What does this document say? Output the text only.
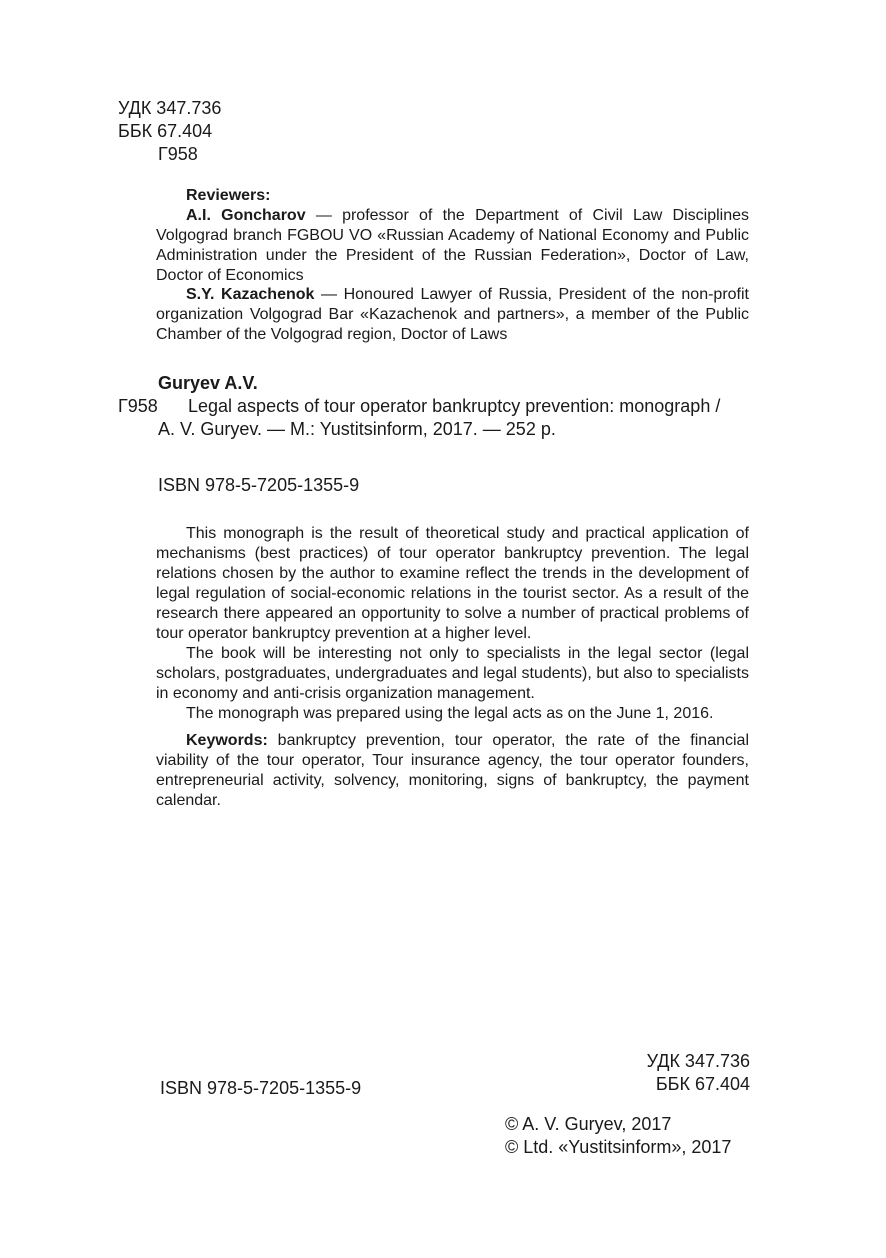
УДК 347.736
ББК 67.404
Г958
Reviewers:
A.I. Goncharov — professor of the Department of Civil Law Disciplines Volgograd branch FGBOU VO «Russian Academy of National Economy and Public Administration under the President of the Russian Federation», Doctor of Law, Doctor of Economics
S.Y. Kazachenok — Honoured Lawyer of Russia, President of the non-profit organization Volgograd Bar «Kazachenok and partners», a member of the Public Chamber of the Volgograd region, Doctor of Laws
Guryev A.V.
Г958 Legal aspects of tour operator bankruptcy prevention: monograph /
A. V. Guryev. — M.: Yustitsinform, 2017. — 252 p.
ISBN 978-5-7205-1355-9
This monograph is the result of theoretical study and practical application of mechanisms (best practices) of tour operator bankruptcy prevention. The legal relations chosen by the author to examine reflect the trends in the development of legal regulation of social-economic relations in the tourist sector. As a result of the research there appeared an opportunity to solve a number of practical problems of tour operator bankruptcy prevention at a higher level.
The book will be interesting not only to specialists in the legal sector (legal scholars, postgraduates, undergraduates and legal students), but also to specialists in economy and anti-crisis organization management.
The monograph was prepared using the legal acts as on the June 1, 2016.
Keywords: bankruptcy prevention, tour operator, the rate of the financial viability of the tour operator, Tour insurance agency, the tour operator founders, entrepreneurial activity, solvency, monitoring, signs of bankruptcy, the payment calendar.
ISBN 978-5-7205-1355-9
УДК 347.736
ББК 67.404
© A. V. Guryev, 2017
© Ltd. «Yustitsinform», 2017
